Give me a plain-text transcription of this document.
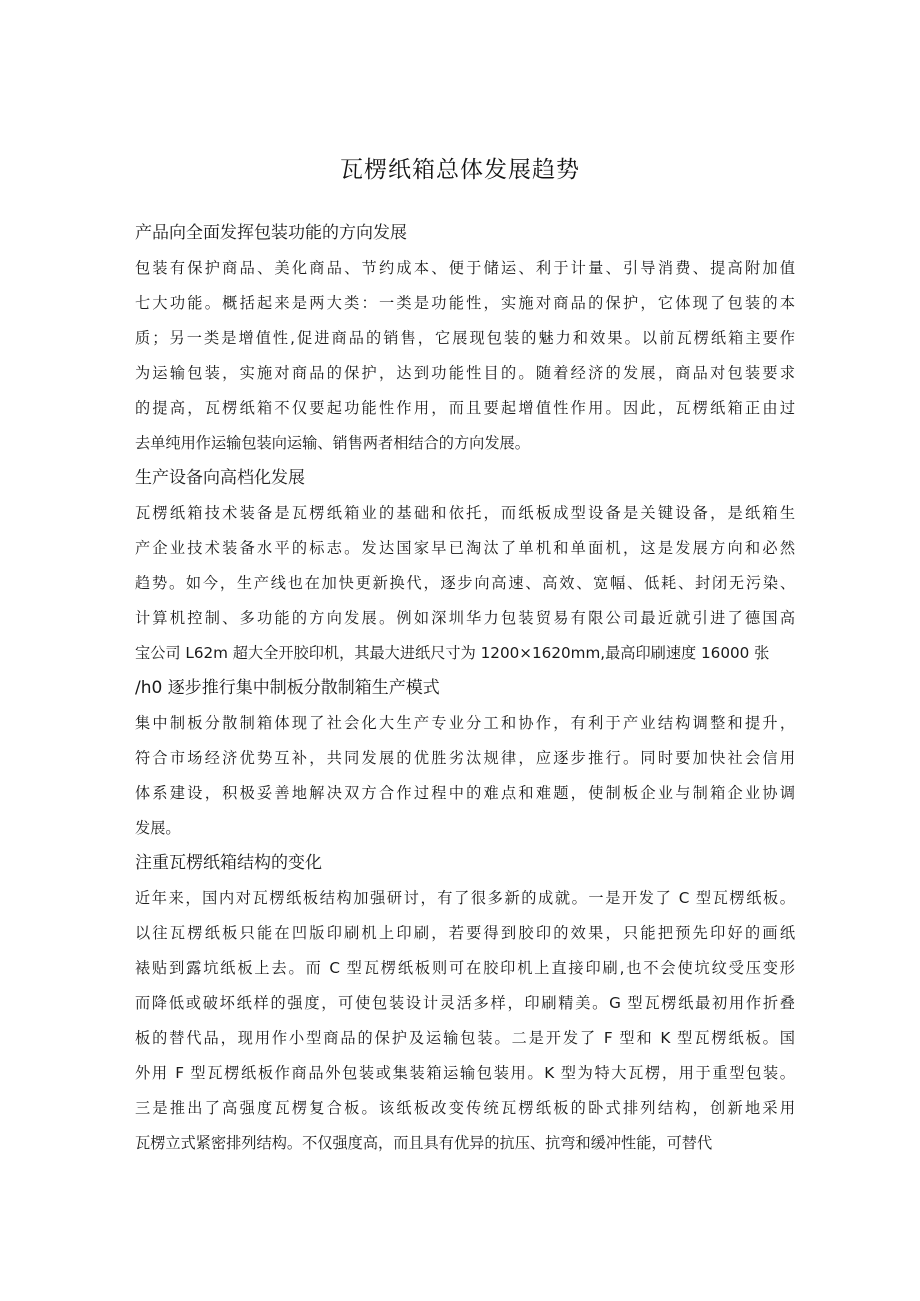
瓦楞纸箱总体发展趋势
产品向全面发挥包装功能的方向发展
包装有保护商品、美化商品、节约成本、便于储运、利于计量、引导消费、提高附加值
七大功能。概括起来是两大类：一类是功能性，实施对商品的保护，它体现了包装的本
质；另一类是增值性,促进商品的销售，它展现包装的魅力和效果。以前瓦楞纸箱主要作
为运输包装，实施对商品的保护，达到功能性目的。随着经济的发展，商品对包装要求
的提高，瓦楞纸箱不仅要起功能性作用，而且要起增值性作用。因此，瓦楞纸箱正由过
去单纯用作运输包装向运输、销售两者相结合的方向发展。
生产设备向高档化发展
瓦楞纸箱技术装备是瓦楞纸箱业的基础和依托，而纸板成型设备是关键设备，是纸箱生
产企业技术装备水平的标志。发达国家早已淘汰了单机和单面机，这是发展方向和必然
趋势。如今，生产线也在加快更新换代，逐步向高速、高效、宽幅、低耗、封闭无污染、
计算机控制、多功能的方向发展。例如深圳华力包装贸易有限公司最近就引进了德国高
宝公司 L62m 超大全开胶印机，其最大进纸尺寸为 1200×1620mm,最高印刷速度 16000 张
/h0 逐步推行集中制板分散制箱生产模式
集中制板分散制箱体现了社会化大生产专业分工和协作，有利于产业结构调整和提升，
符合市场经济优势互补，共同发展的优胜劣汰规律，应逐步推行。同时要加快社会信用
体系建设，积极妥善地解决双方合作过程中的难点和难题，使制板企业与制箱企业协调
发展。
注重瓦楞纸箱结构的变化
近年来，国内对瓦楞纸板结构加强研讨，有了很多新的成就。一是开发了 C 型瓦楞纸板。
以往瓦楞纸板只能在凹版印刷机上印刷，若要得到胶印的效果，只能把预先印好的画纸
裱贴到露坑纸板上去。而 C 型瓦楞纸板则可在胶印机上直接印刷,也不会使坑纹受压变形
而降低或破坏纸样的强度，可使包装设计灵活多样，印刷精美。G 型瓦楞纸最初用作折叠
板的替代品，现用作小型商品的保护及运输包装。二是开发了 F 型和 K 型瓦楞纸板。国
外用 F 型瓦楞纸板作商品外包装或集装箱运输包装用。K 型为特大瓦楞，用于重型包装。
三是推出了高强度瓦楞复合板。该纸板改变传统瓦楞纸板的卧式排列结构，创新地采用
瓦楞立式紧密排列结构。不仅强度高，而且具有优异的抗压、抗弯和缓冲性能，可替代
